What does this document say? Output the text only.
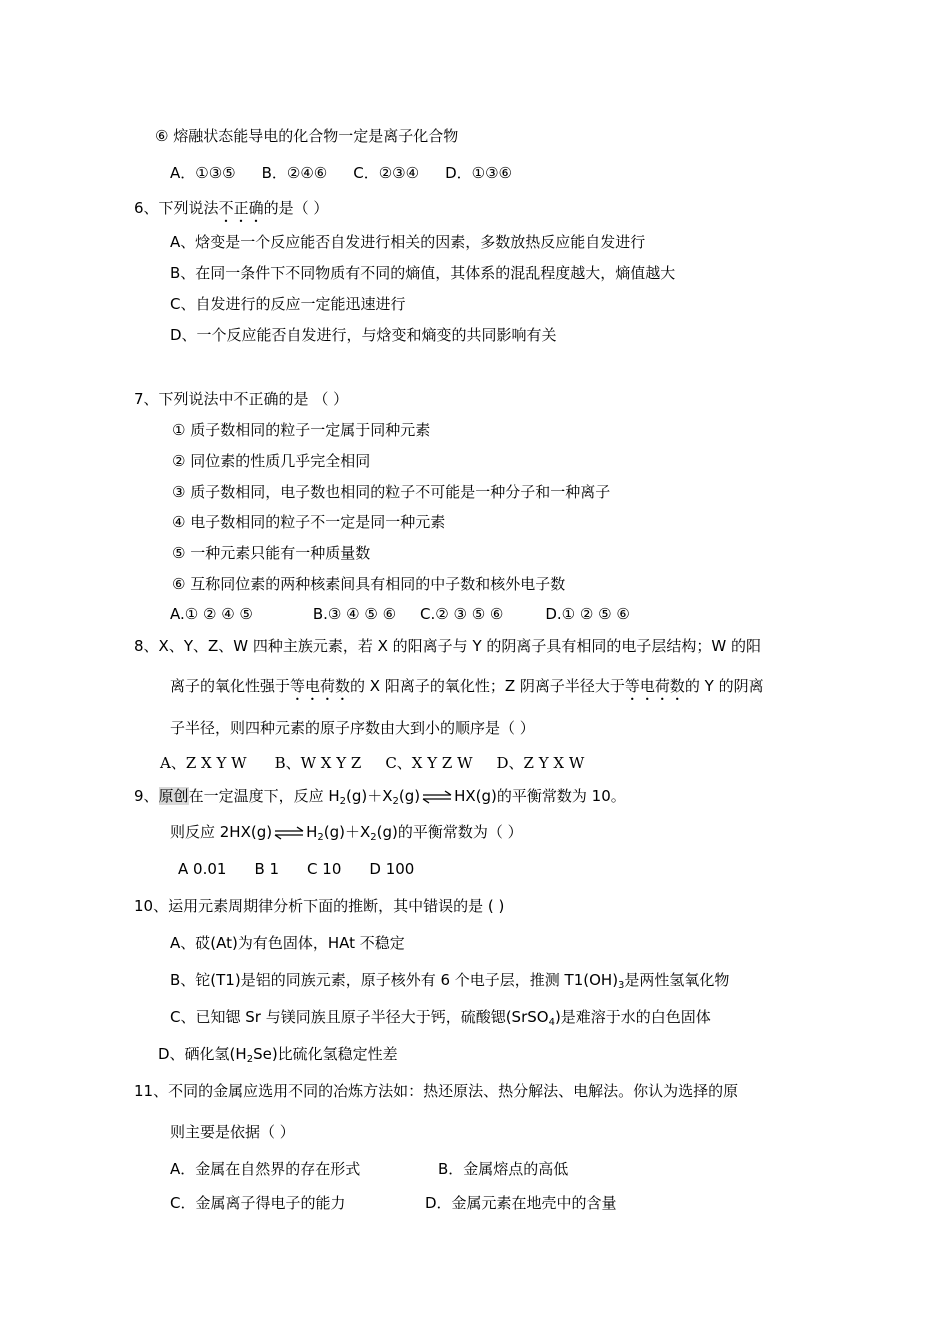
⑥ 熔融状态能导电的化合物一定是离子化合物
A．①③⑤ B．②④⑥ C．②③④ D．①③⑥
6、下列说法不正确的是（ ）
A、焓变是一个反应能否自发进行相关的因素，多数放热反应能自发进行
B、在同一条件下不同物质有不同的熵值，其体系的混乱程度越大，熵值越大
C、自发进行的反应一定能迅速进行
D、一个反应能否自发进行，与焓变和熵变的共同影响有关
7、下列说法中不正确的是 （ ）
① 质子数相同的粒子一定属于同种元素
② 同位素的性质几乎完全相同
③ 质子数相同，电子数也相同的粒子不可能是一种分子和一种离子
④ 电子数相同的粒子不一定是同一种元素
⑤ 一种元素只能有一种质量数
⑥ 互称同位素的两种核素间具有相同的中子数和核外电子数
A.① ② ④ ⑤	B.③ ④ ⑤ ⑥ C.② ③ ⑤ ⑥	D.① ② ⑤ ⑥
8、X、Y、Z、W 四种主族元素，若 X 的阳离子与 Y 的阴离子具有相同的电子层结构；W 的阳
离子的氧化性强于等电荷数的 X 阳离子的氧化性；Z 阴离子半径大于等电荷数的 Y 的阴离
子半径，则四种元素的原子序数由大到小的顺序是（ ）
A、Z X Y W B、W X Y Z C、X Y Z W D、Z Y X W
9、原创在一定温度下，反应 $H_2(g)+X_2(g)\rightleftharpoons HX(g)$的平衡常数为 10。
则反应 $2HX(g)\rightleftharpoons H_2(g)+X_2(g)$的平衡常数为（ ）
A 0.01 B 1 C 10 D 100
10、运用元素周期律分析下面的推断，其中错误的是 ( )
A、砹(At)为有色固体，HAt 不稳定
B、铊(T1)是铝的同族元素，原子核外有 6 个电子层，推测 $T1(OH)_3$是两性氢氧化物
C、已知锶 Sr 与镁同族且原子半径大于钙，硫酸锶(SrSO$_4$)是难溶于水的白色固体
D、硒化氢$(H_2Se)$比硫化氢稳定性差
11、不同的金属应选用不同的冶炼方法如：热还原法、热分解法、电解法。你认为选择的原
则主要是依据（ ）
A．金属在自然界的存在形式	B．金属熔点的高低
C．金属离子得电子的能力	D．金属元素在地壳中的含量
